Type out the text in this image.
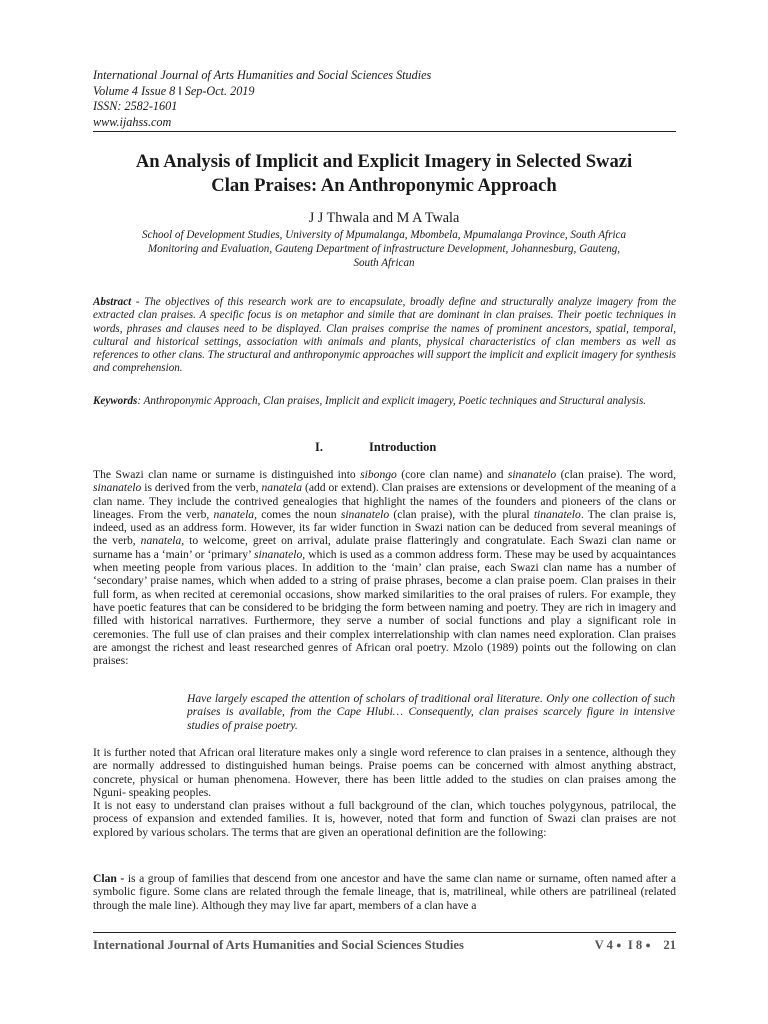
International Journal of Arts Humanities and Social Sciences Studies
Volume 4 Issue 8 ǁ Sep-Oct. 2019
ISSN: 2582-1601
www.ijahss.com
An Analysis of Implicit and Explicit Imagery in Selected Swazi
Clan Praises: An Anthroponymic Approach
J J Thwala and M A Twala
School of Development Studies, University of Mpumalanga, Mbombela, Mpumalanga Province, South Africa
Monitoring and Evaluation, Gauteng Department of infrastructure Development, Johannesburg, Gauteng,
South African
Abstract - The objectives of this research work are to encapsulate, broadly define and structurally analyze imagery from the extracted clan praises. A specific focus is on metaphor and simile that are dominant in clan praises. Their poetic techniques in words, phrases and clauses need to be displayed. Clan praises comprise the names of prominent ancestors, spatial, temporal, cultural and historical settings, association with animals and plants, physical characteristics of clan members as well as references to other clans. The structural and anthroponymic approaches will support the implicit and explicit imagery for synthesis and comprehension.
Keywords: Anthroponymic Approach, Clan praises, Implicit and explicit imagery, Poetic techniques and Structural analysis.
I.	Introduction
The Swazi clan name or surname is distinguished into sibongo (core clan name) and sinanatelo (clan praise). The word, sinanatelo is derived from the verb, nanatela (add or extend). Clan praises are extensions or development of the meaning of a clan name. They include the contrived genealogies that highlight the names of the founders and pioneers of the clans or lineages. From the verb, nanatela, comes the noun sinanatelo (clan praise), with the plural tinanatelo. The clan praise is, indeed, used as an address form. However, its far wider function in Swazi nation can be deduced from several meanings of the verb, nanatela, to welcome, greet on arrival, adulate praise flatteringly and congratulate. Each Swazi clan name or surname has a ‘main’ or ‘primary’ sinanatelo, which is used as a common address form. These may be used by acquaintances when meeting people from various places. In addition to the ‘main’ clan praise, each Swazi clan name has a number of ‘secondary’ praise names, which when added to a string of praise phrases, become a clan praise poem. Clan praises in their full form, as when recited at ceremonial occasions, show marked similarities to the oral praises of rulers. For example, they have poetic features that can be considered to be bridging the form between naming and poetry. They are rich in imagery and filled with historical narratives. Furthermore, they serve a number of social functions and play a significant role in ceremonies. The full use of clan praises and their complex interrelationship with clan names need exploration. Clan praises are amongst the richest and least researched genres of African oral poetry. Mzolo (1989) points out the following on clan praises:
Have largely escaped the attention of scholars of traditional oral literature. Only one collection of such praises is available, from the Cape Hlubi… Consequently, clan praises scarcely figure in intensive studies of praise poetry.
It is further noted that African oral literature makes only a single word reference to clan praises in a sentence, although they are normally addressed to distinguished human beings. Praise poems can be concerned with almost anything abstract, concrete, physical or human phenomena. However, there has been little added to the studies on clan praises among the Nguni- speaking peoples.
It is not easy to understand clan praises without a full background of the clan, which touches polygynous, patrilocal, the process of expansion and extended families. It is, however, noted that form and function of Swazi clan praises are not explored by various scholars. The terms that are given an operational definition are the following:
Clan - is a group of families that descend from one ancestor and have the same clan name or surname, often named after a symbolic figure. Some clans are related through the female lineage, that is, matrilineal, while others are patrilineal (related through the male line). Although they may live far apart, members of a clan have a
International Journal of Arts Humanities and Social Sciences Studies	V 4 ● I 8 ● 21
